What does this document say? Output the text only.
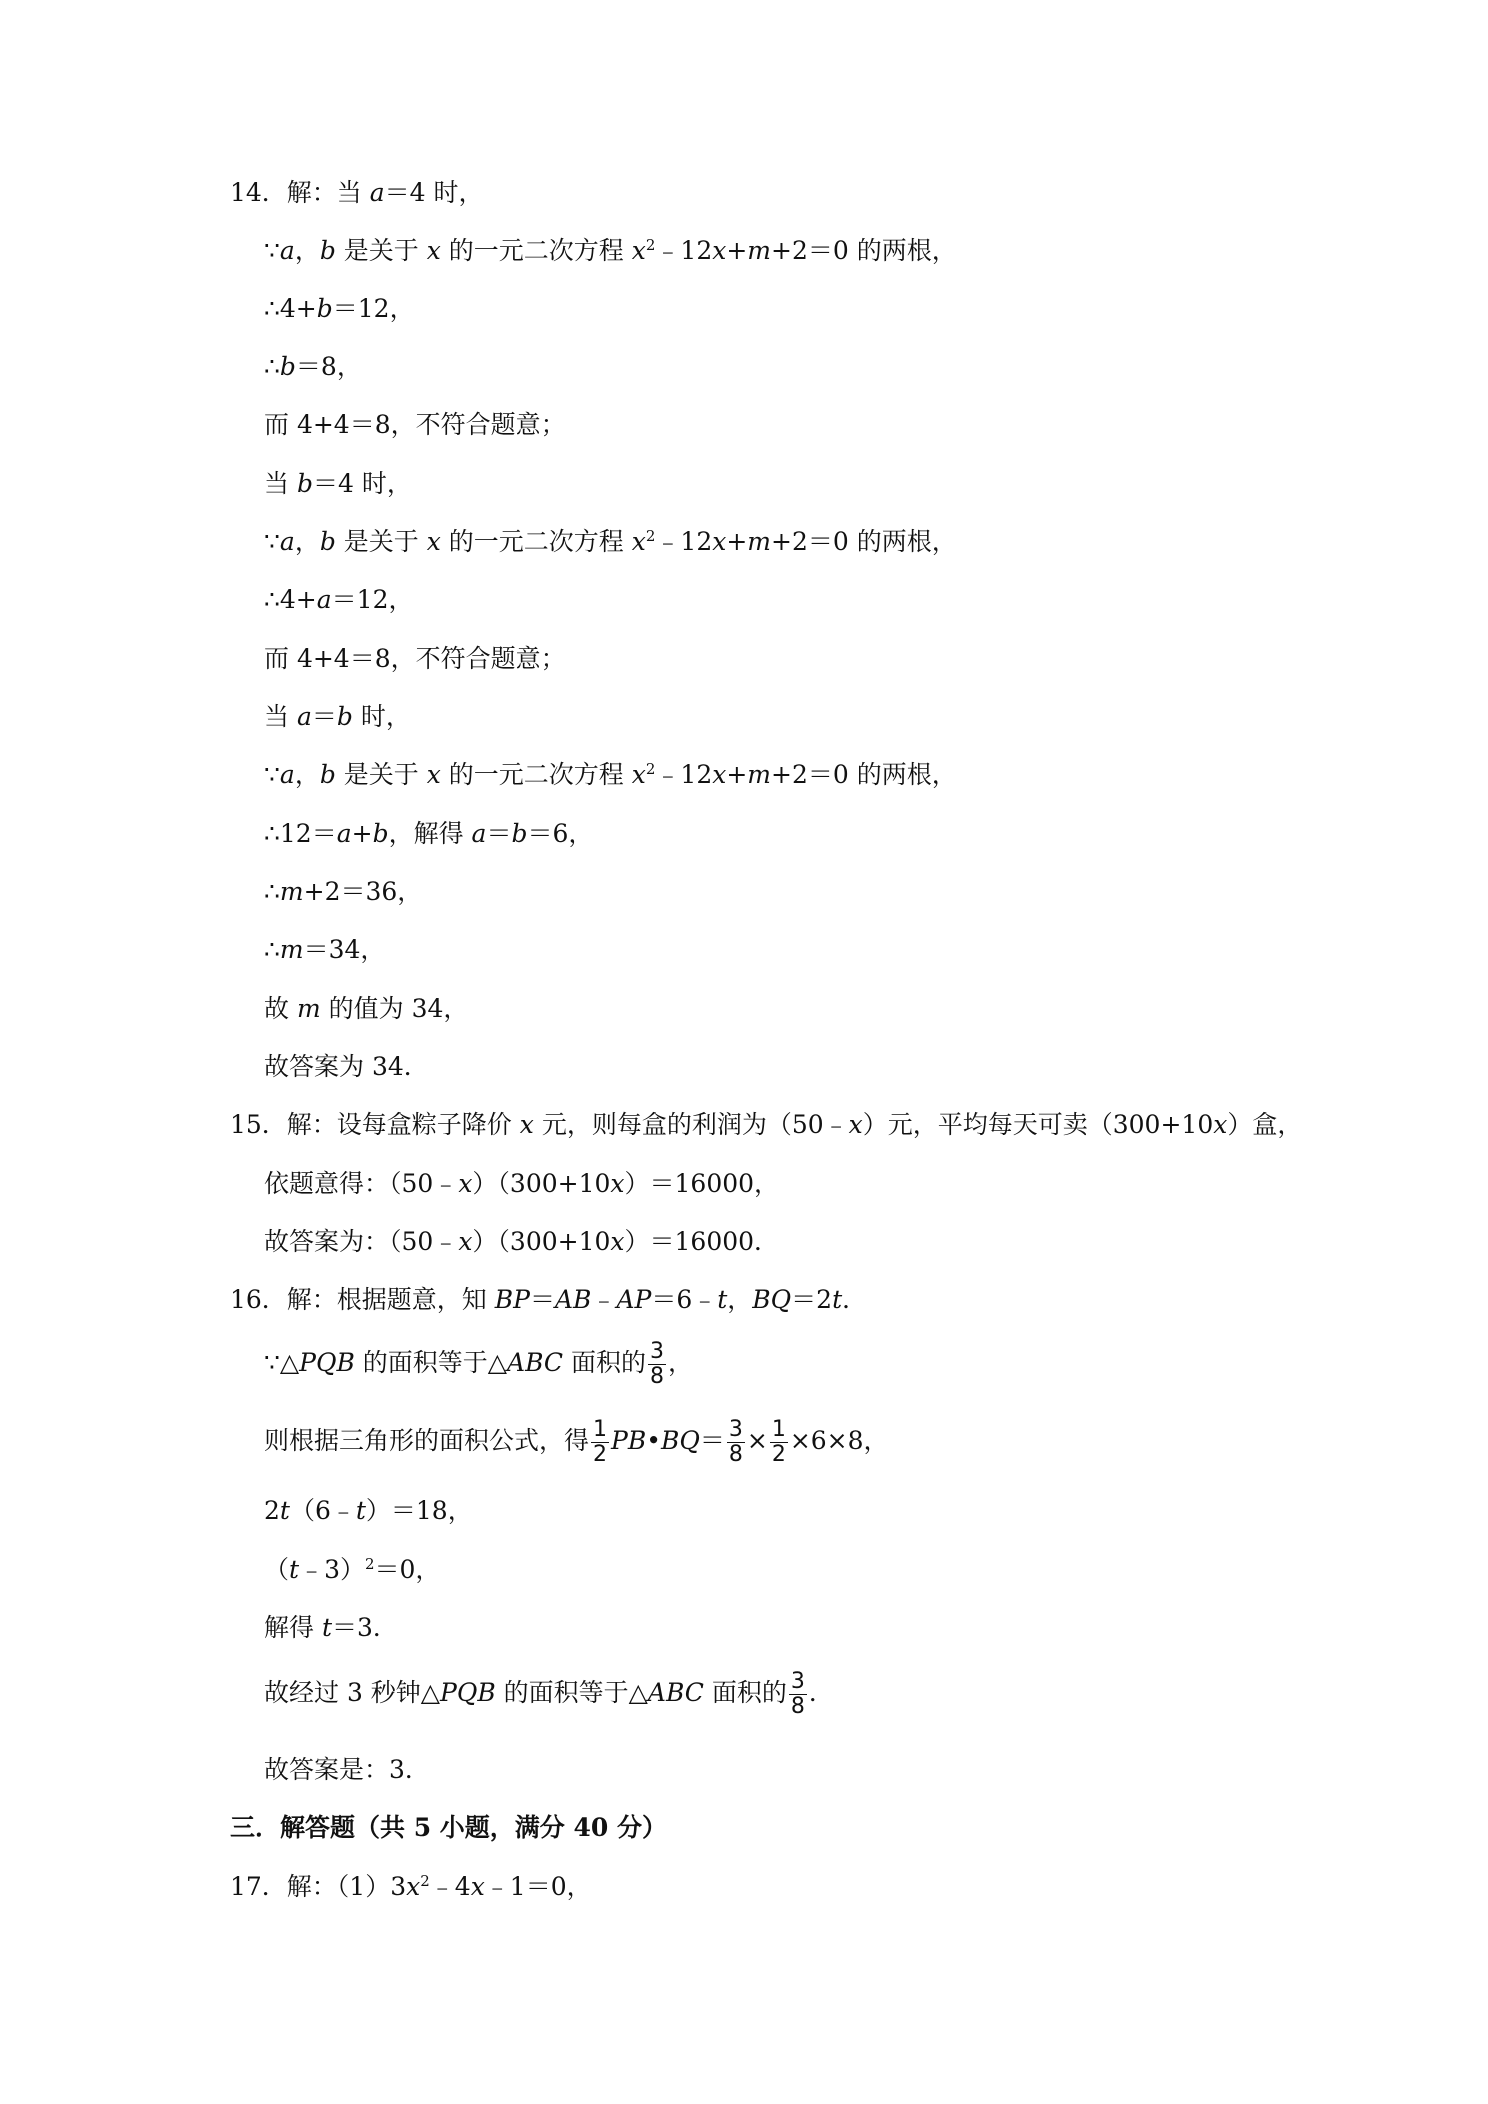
14．解：当 a＝4 时，
∵a，b 是关于 x 的一元二次方程 $x^2﹣12x+m+2=0$ 的两根，
∴4+b＝12，
∴b＝8，
而 4+4＝8，不符合题意；
当 b＝4 时，
∵a，b 是关于 x 的一元二次方程 $x^2﹣12x+m+2=0$ 的两根，
∴4+a＝12，
而 4+4＝8，不符合题意；
当 a＝b 时，
∵a，b 是关于 x 的一元二次方程 $x^2﹣12x+m+2=0$ 的两根，
∴12＝a+b，解得 a＝b＝6，
∴m+2＝36，
∴m＝34，
故 m 的值为 34，
故答案为 34．
15．解：设每盒粽子降价 x 元，则每盒的利润为（50﹣x）元，平均每天可卖（300+10x）盒，
依题意得：（50﹣x）（300+10x）＝16000，
故答案为：（50﹣x）（300+10x）＝16000．
16．解：根据题意，知 BP＝AB﹣AP＝6﹣t，BQ＝2t．
∵△PQB 的面积等于△ABC 面积的 $\frac{3}{8}$ ，
则根据三角形的面积公式，得 $\frac{1}{2}$ PB•BQ＝ $\frac{3}{8} \times \frac{1}{2} \times 6\times 8$，
2t（6﹣t）＝18，
（t﹣3）$^2$＝0，
解得 t＝3．
故经过 3 秒钟△PQB 的面积等于△ABC 面积的 $\frac{3}{8}$ ．
故答案是：3．
三．解答题（共 5 小题，满分 40 分）
17．解：$(1)3x^2﹣4x﹣1=0$，
